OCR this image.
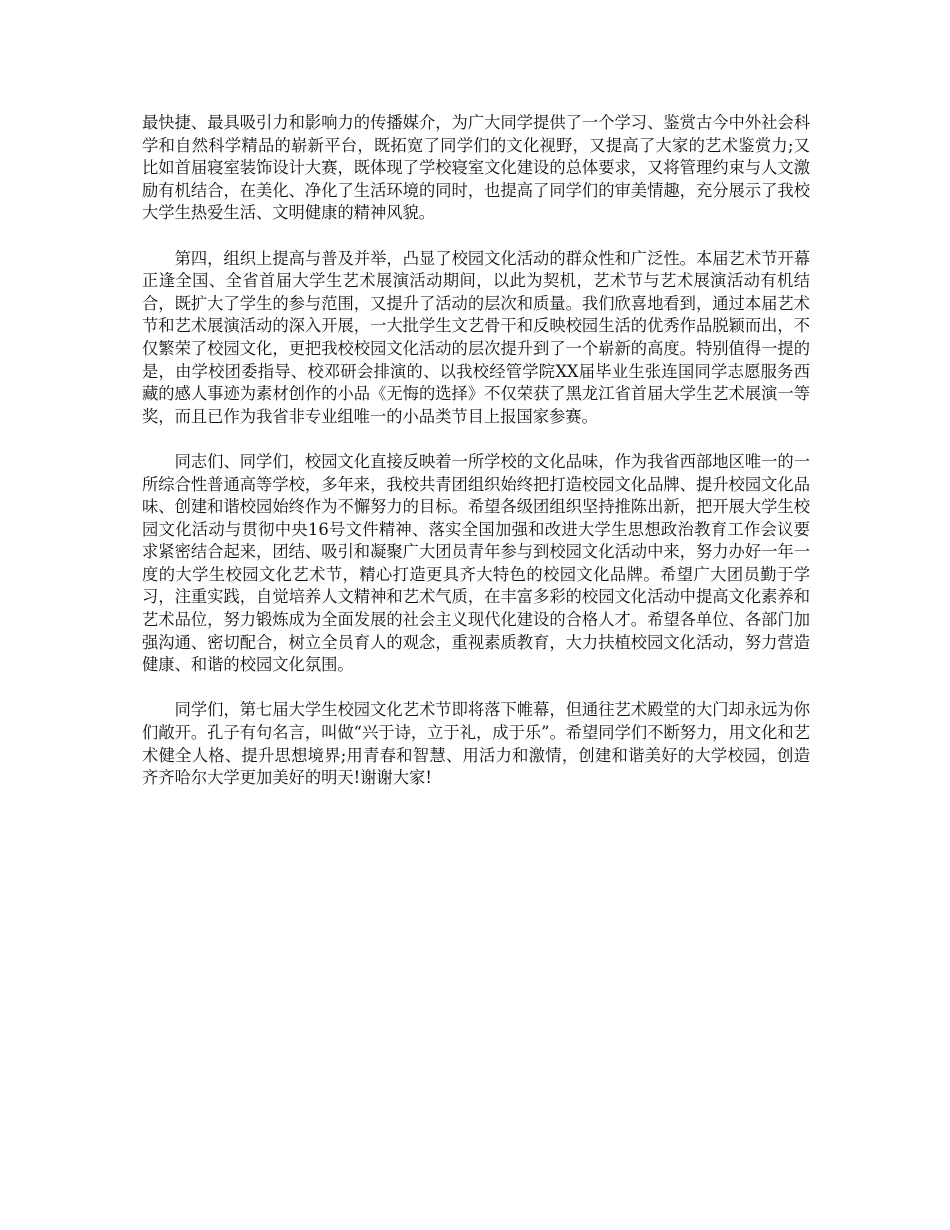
最快捷、最具吸引力和影响力的传播媒介，为广大同学提供了一个学习、鉴赏古今中外社会科学和自然科学精品的崭新平台，既拓宽了同学们的文化视野，又提高了大家的艺术鉴赏力;又比如首届寝室装饰设计大赛，既体现了学校寝室文化建设的总体要求，又将管理约束与人文激励有机结合，在美化、净化了生活环境的同时，也提高了同学们的审美情趣，充分展示了我校大学生热爱生活、文明健康的精神风貌。

第四，组织上提高与普及并举，凸显了校园文化活动的群众性和广泛性。本届艺术节开幕正逢全国、全省首届大学生艺术展演活动期间，以此为契机，艺术节与艺术展演活动有机结合，既扩大了学生的参与范围，又提升了活动的层次和质量。我们欣喜地看到，通过本届艺术节和艺术展演活动的深入开展，一大批学生文艺骨干和反映校园生活的优秀作品脱颖而出，不仅繁荣了校园文化，更把我校校园文化活动的层次提升到了一个崭新的高度。特别值得一提的是，由学校团委指导、校邓研会排演的、以我校经管学院XX届毕业生张连国同学志愿服务西藏的感人事迹为素材创作的小品《无悔的选择》不仅荣获了黑龙江省首届大学生艺术展演一等奖，而且已作为我省非专业组唯一的小品类节目上报国家参赛。

同志们、同学们，校园文化直接反映着一所学校的文化品味，作为我省西部地区唯一的一所综合性普通高等学校，多年来，我校共青团组织始终把打造校园文化品牌、提升校园文化品味、创建和谐校园始终作为不懈努力的目标。希望各级团组织坚持推陈出新，把开展大学生校园文化活动与贯彻中央16号文件精神、落实全国加强和改进大学生思想政治教育工作会议要求紧密结合起来，团结、吸引和凝聚广大团员青年参与到校园文化活动中来，努力办好一年一度的大学生校园文化艺术节，精心打造更具齐大特色的校园文化品牌。希望广大团员勤于学习，注重实践，自觉培养人文精神和艺术气质，在丰富多彩的校园文化活动中提高文化素养和艺术品位，努力锻炼成为全面发展的社会主义现代化建设的合格人才。希望各单位、各部门加强沟通、密切配合，树立全员育人的观念，重视素质教育，大力扶植校园文化活动，努力营造健康、和谐的校园文化氛围。

同学们，第七届大学生校园文化艺术节即将落下帷幕，但通往艺术殿堂的大门却永远为你们敞开。孔子有句名言，叫做“兴于诗，立于礼，成于乐”。希望同学们不断努力，用文化和艺术健全人格、提升思想境界;用青春和智慧、用活力和激情，创建和谐美好的大学校园，创造齐齐哈尔大学更加美好的明天!谢谢大家!
